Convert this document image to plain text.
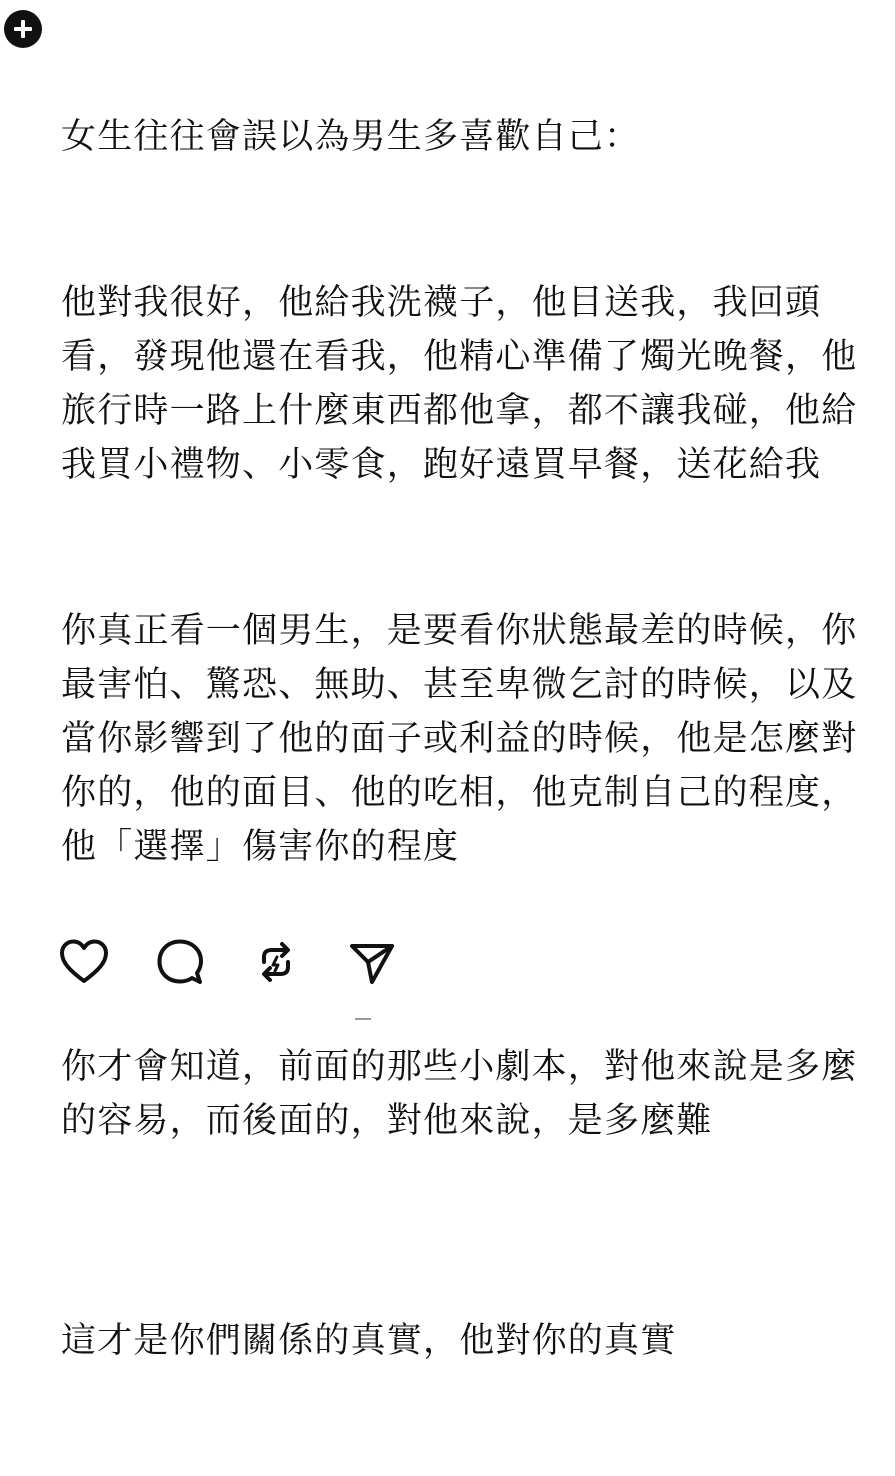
女生往往會誤以為男生多喜歡自己：

他對我很好，他給我洗襪子，他目送我，我回頭看，發現他還在看我，他精心準備了燭光晚餐，他旅行時一路上什麼東西都他拿，都不讓我碰，他給我買小禮物、小零食，跑好遠買早餐，送花給我

你真正看一個男生，是要看你狀態最差的時候，你最害怕、驚恐、無助、甚至卑微乞討的時候，以及當你影響到了他的面子或利益的時候，他是怎麼對你的，他的面目、他的吃相，他克制自己的程度，他「選擇」傷害你的程度

你才會知道，前面的那些小劇本，對他來說是多麼的容易，而後面的，對他來說，是多麼難

這才是你們關係的真實，他對你的真實
